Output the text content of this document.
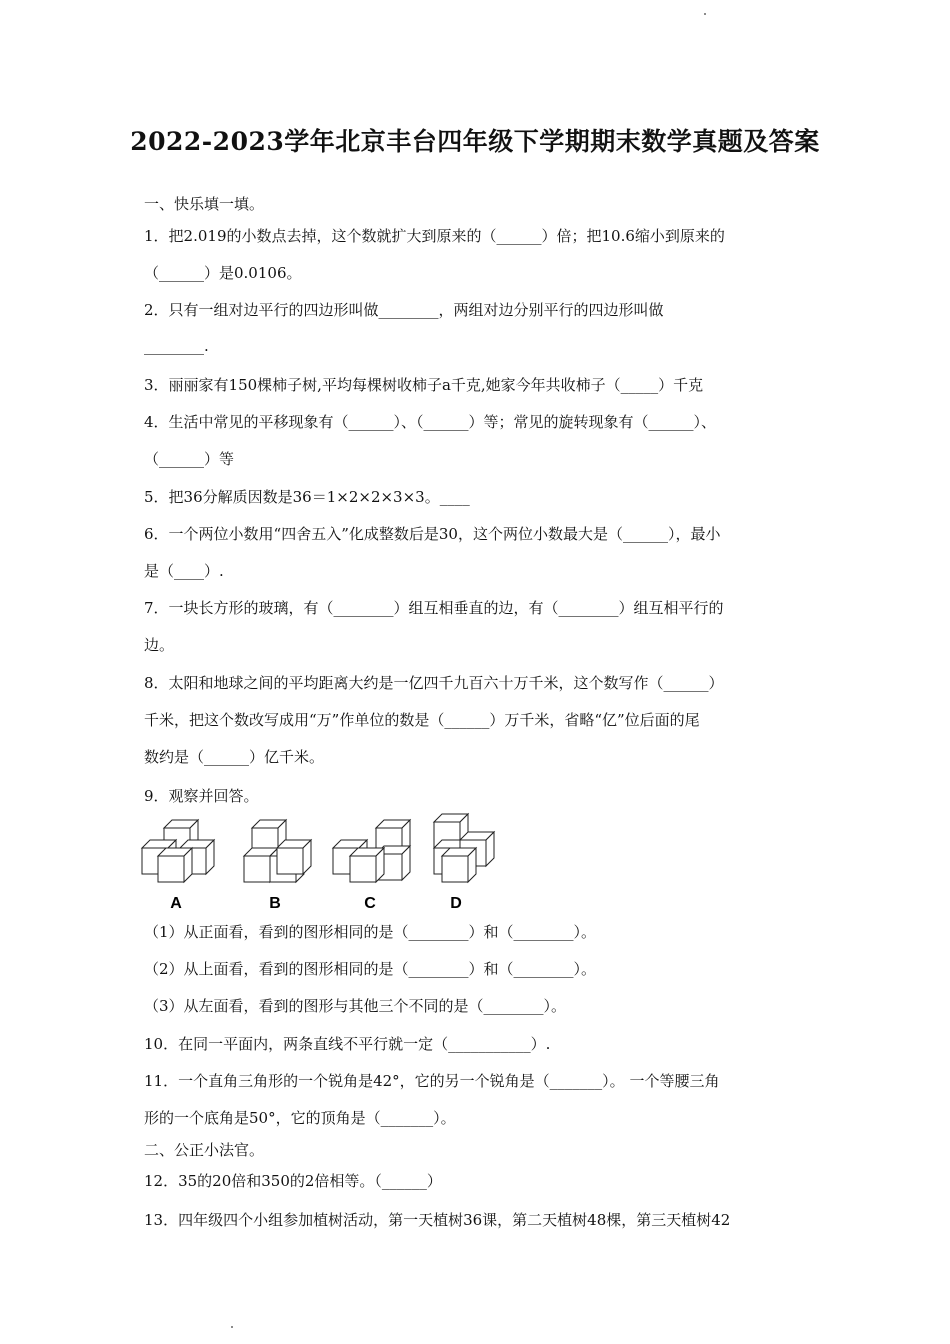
2022-2023学年北京丰台四年级下学期期末数学真题及答案
一、快乐填一填。
1．把2.019的小数点去掉，这个数就扩大到原来的（______）倍；把10.6缩小到原来的
（______）是0.0106。
2．只有一组对边平行的四边形叫做________，两组对边分别平行的四边形叫做
________.
3．丽丽家有150棵柿子树,平均每棵树收柿子a千克,她家今年共收柿子（_____）千克
4．生活中常见的平移现象有（______）、（______）等；常见的旋转现象有（______）、
（______）等
5．把36分解质因数是36＝1×2×2×3×3。____
6．一个两位小数用“四舍五入”化成整数后是30，这个两位小数最大是（______），最小
是（____）.
7．一块长方形的玻璃，有（________）组互相垂直的边，有（________）组互相平行的
边。
8．太阳和地球之间的平均距离大约是一亿四千九百六十万千米，这个数写作（______）
千米，把这个数改写成用“万”作单位的数是（______）万千米，省略“亿”位后面的尾
数约是（______）亿千米。
9．观察并回答。
A	B	C	D
（1）从正面看，看到的图形相同的是（________）和（________）。
（2）从上面看，看到的图形相同的是（________）和（________）。
（3）从左面看，看到的图形与其他三个不同的是（________）。
10．在同一平面内，两条直线不平行就一定（___________）.
11．一个直角三角形的一个锐角是42°，它的另一个锐角是（_______）。 一个等腰三角
形的一个底角是50°，它的顶角是（_______）。
二、公正小法官。
12．35的20倍和350的2倍相等。（______）
13．四年级四个小组参加植树活动，第一天植树36课，第二天植树48棵，第三天植树42
